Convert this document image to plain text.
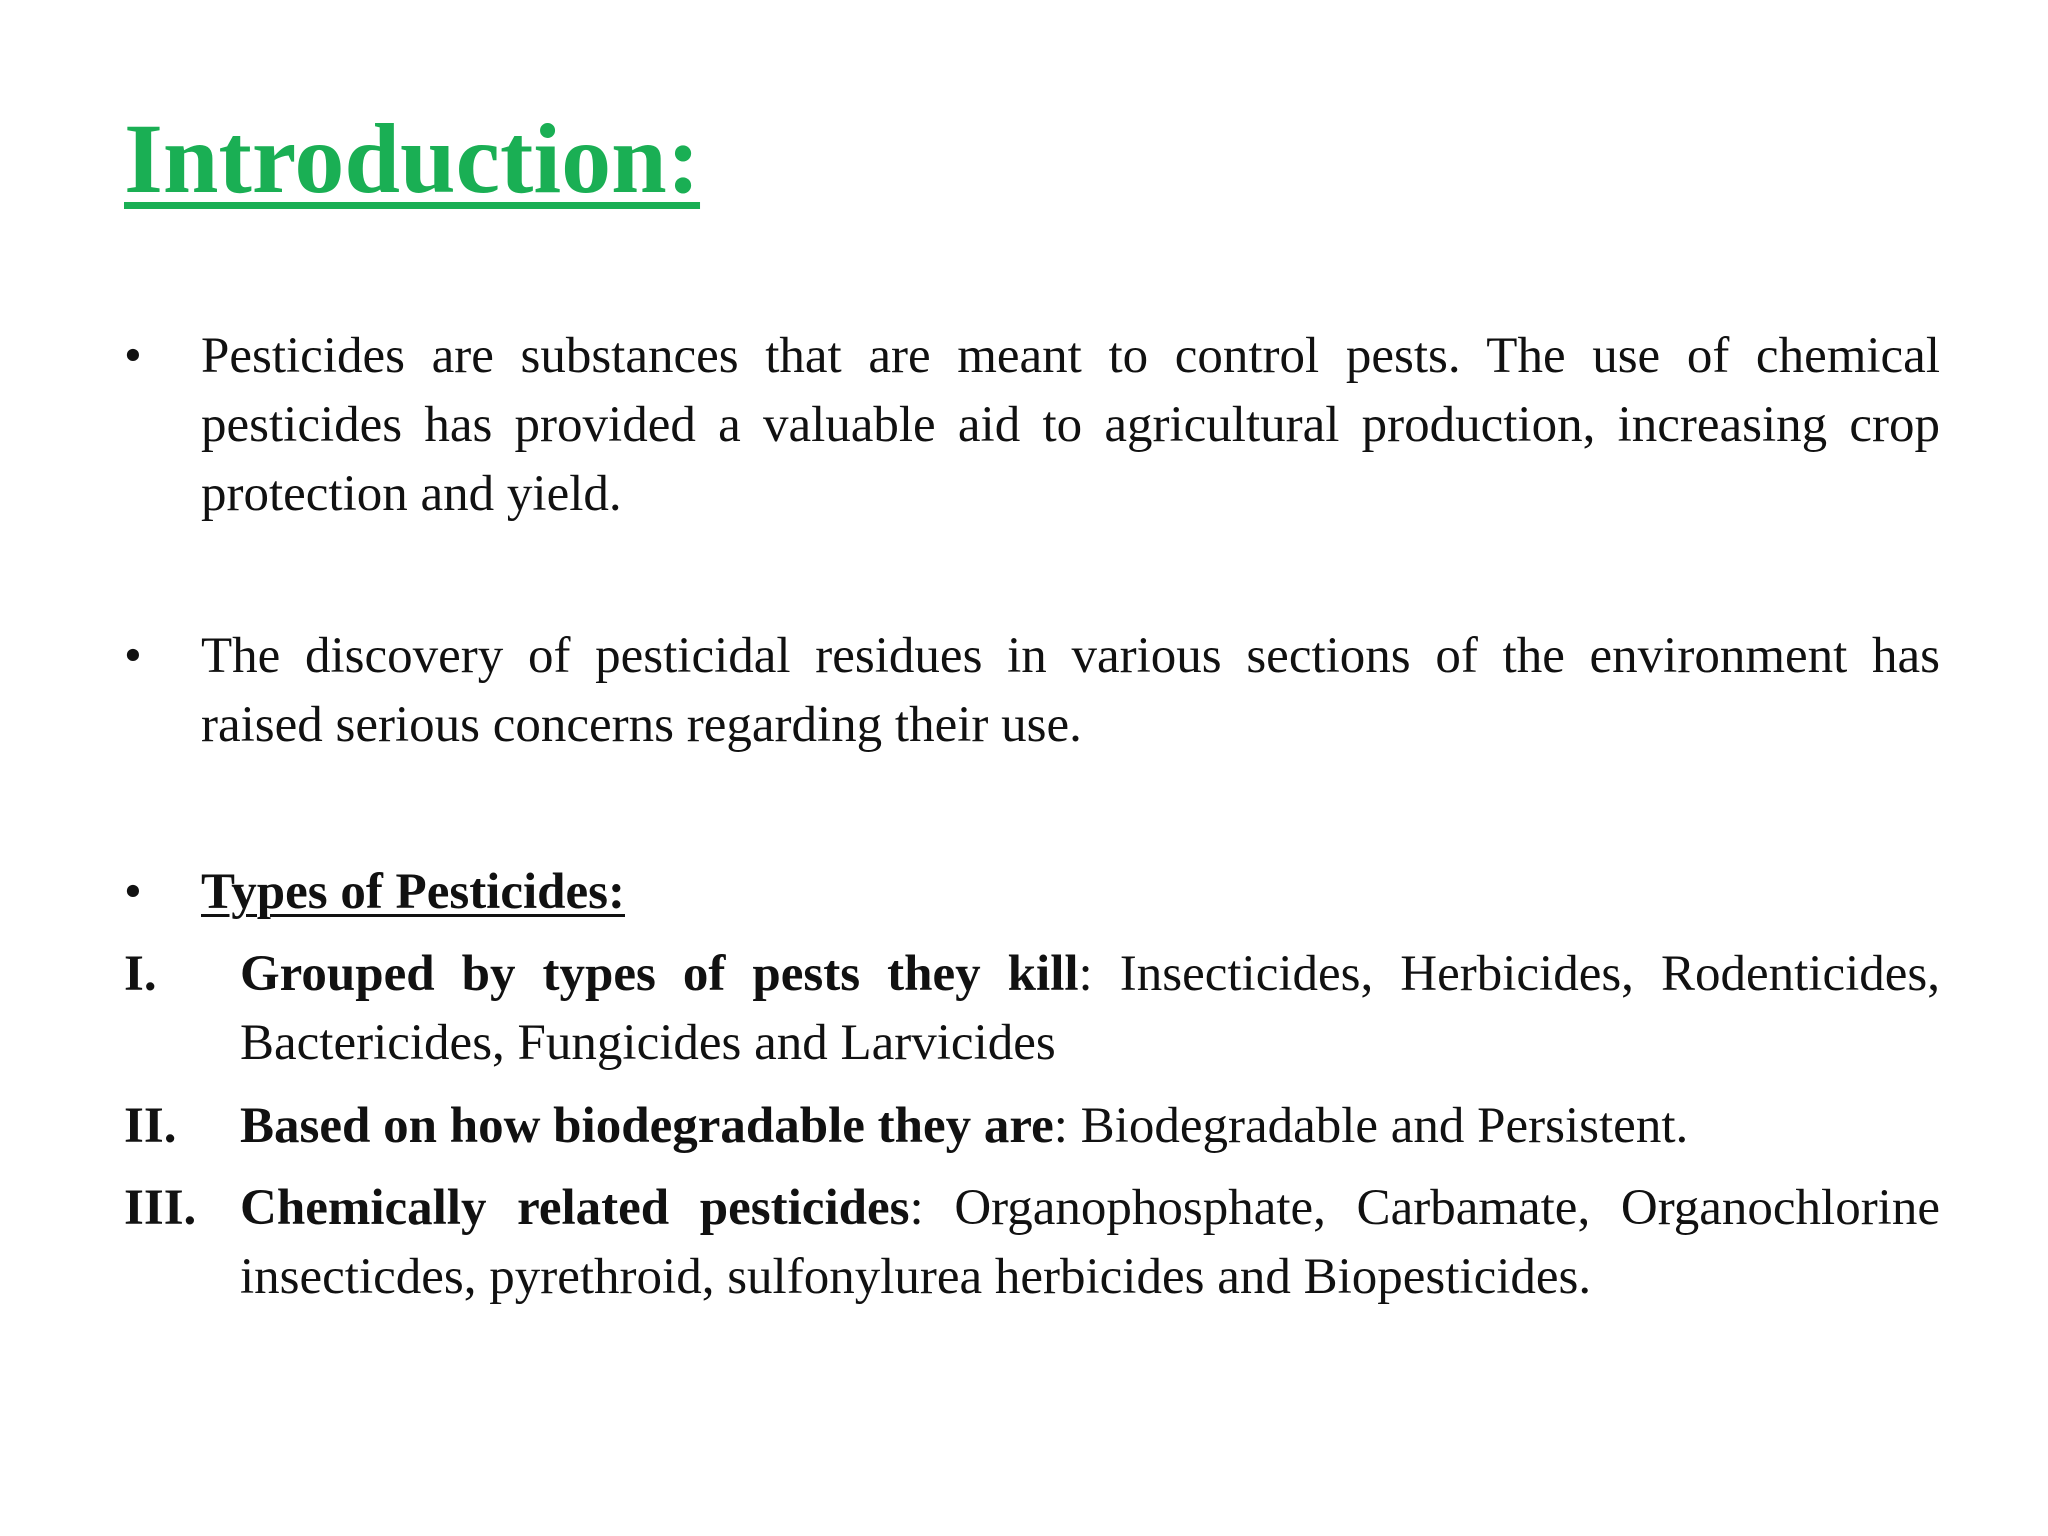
Introduction:
•	Pesticides are substances that are meant to control pests. The use of chemical pesticides has provided a valuable aid to agricultural production, increasing crop protection and yield.
•	The discovery of pesticidal residues in various sections of the environment has raised serious concerns regarding their use.
•	Types of Pesticides:
I. Grouped by types of pests they kill: Insecticides, Herbicides, Rodenticides, Bactericides, Fungicides and Larvicides
II. Based on how biodegradable they are: Biodegradable and Persistent.
III. Chemically related pesticides: Organophosphate, Carbamate, Organochlorine insecticdes, pyrethroid, sulfonylurea herbicides and Biopesticides.
